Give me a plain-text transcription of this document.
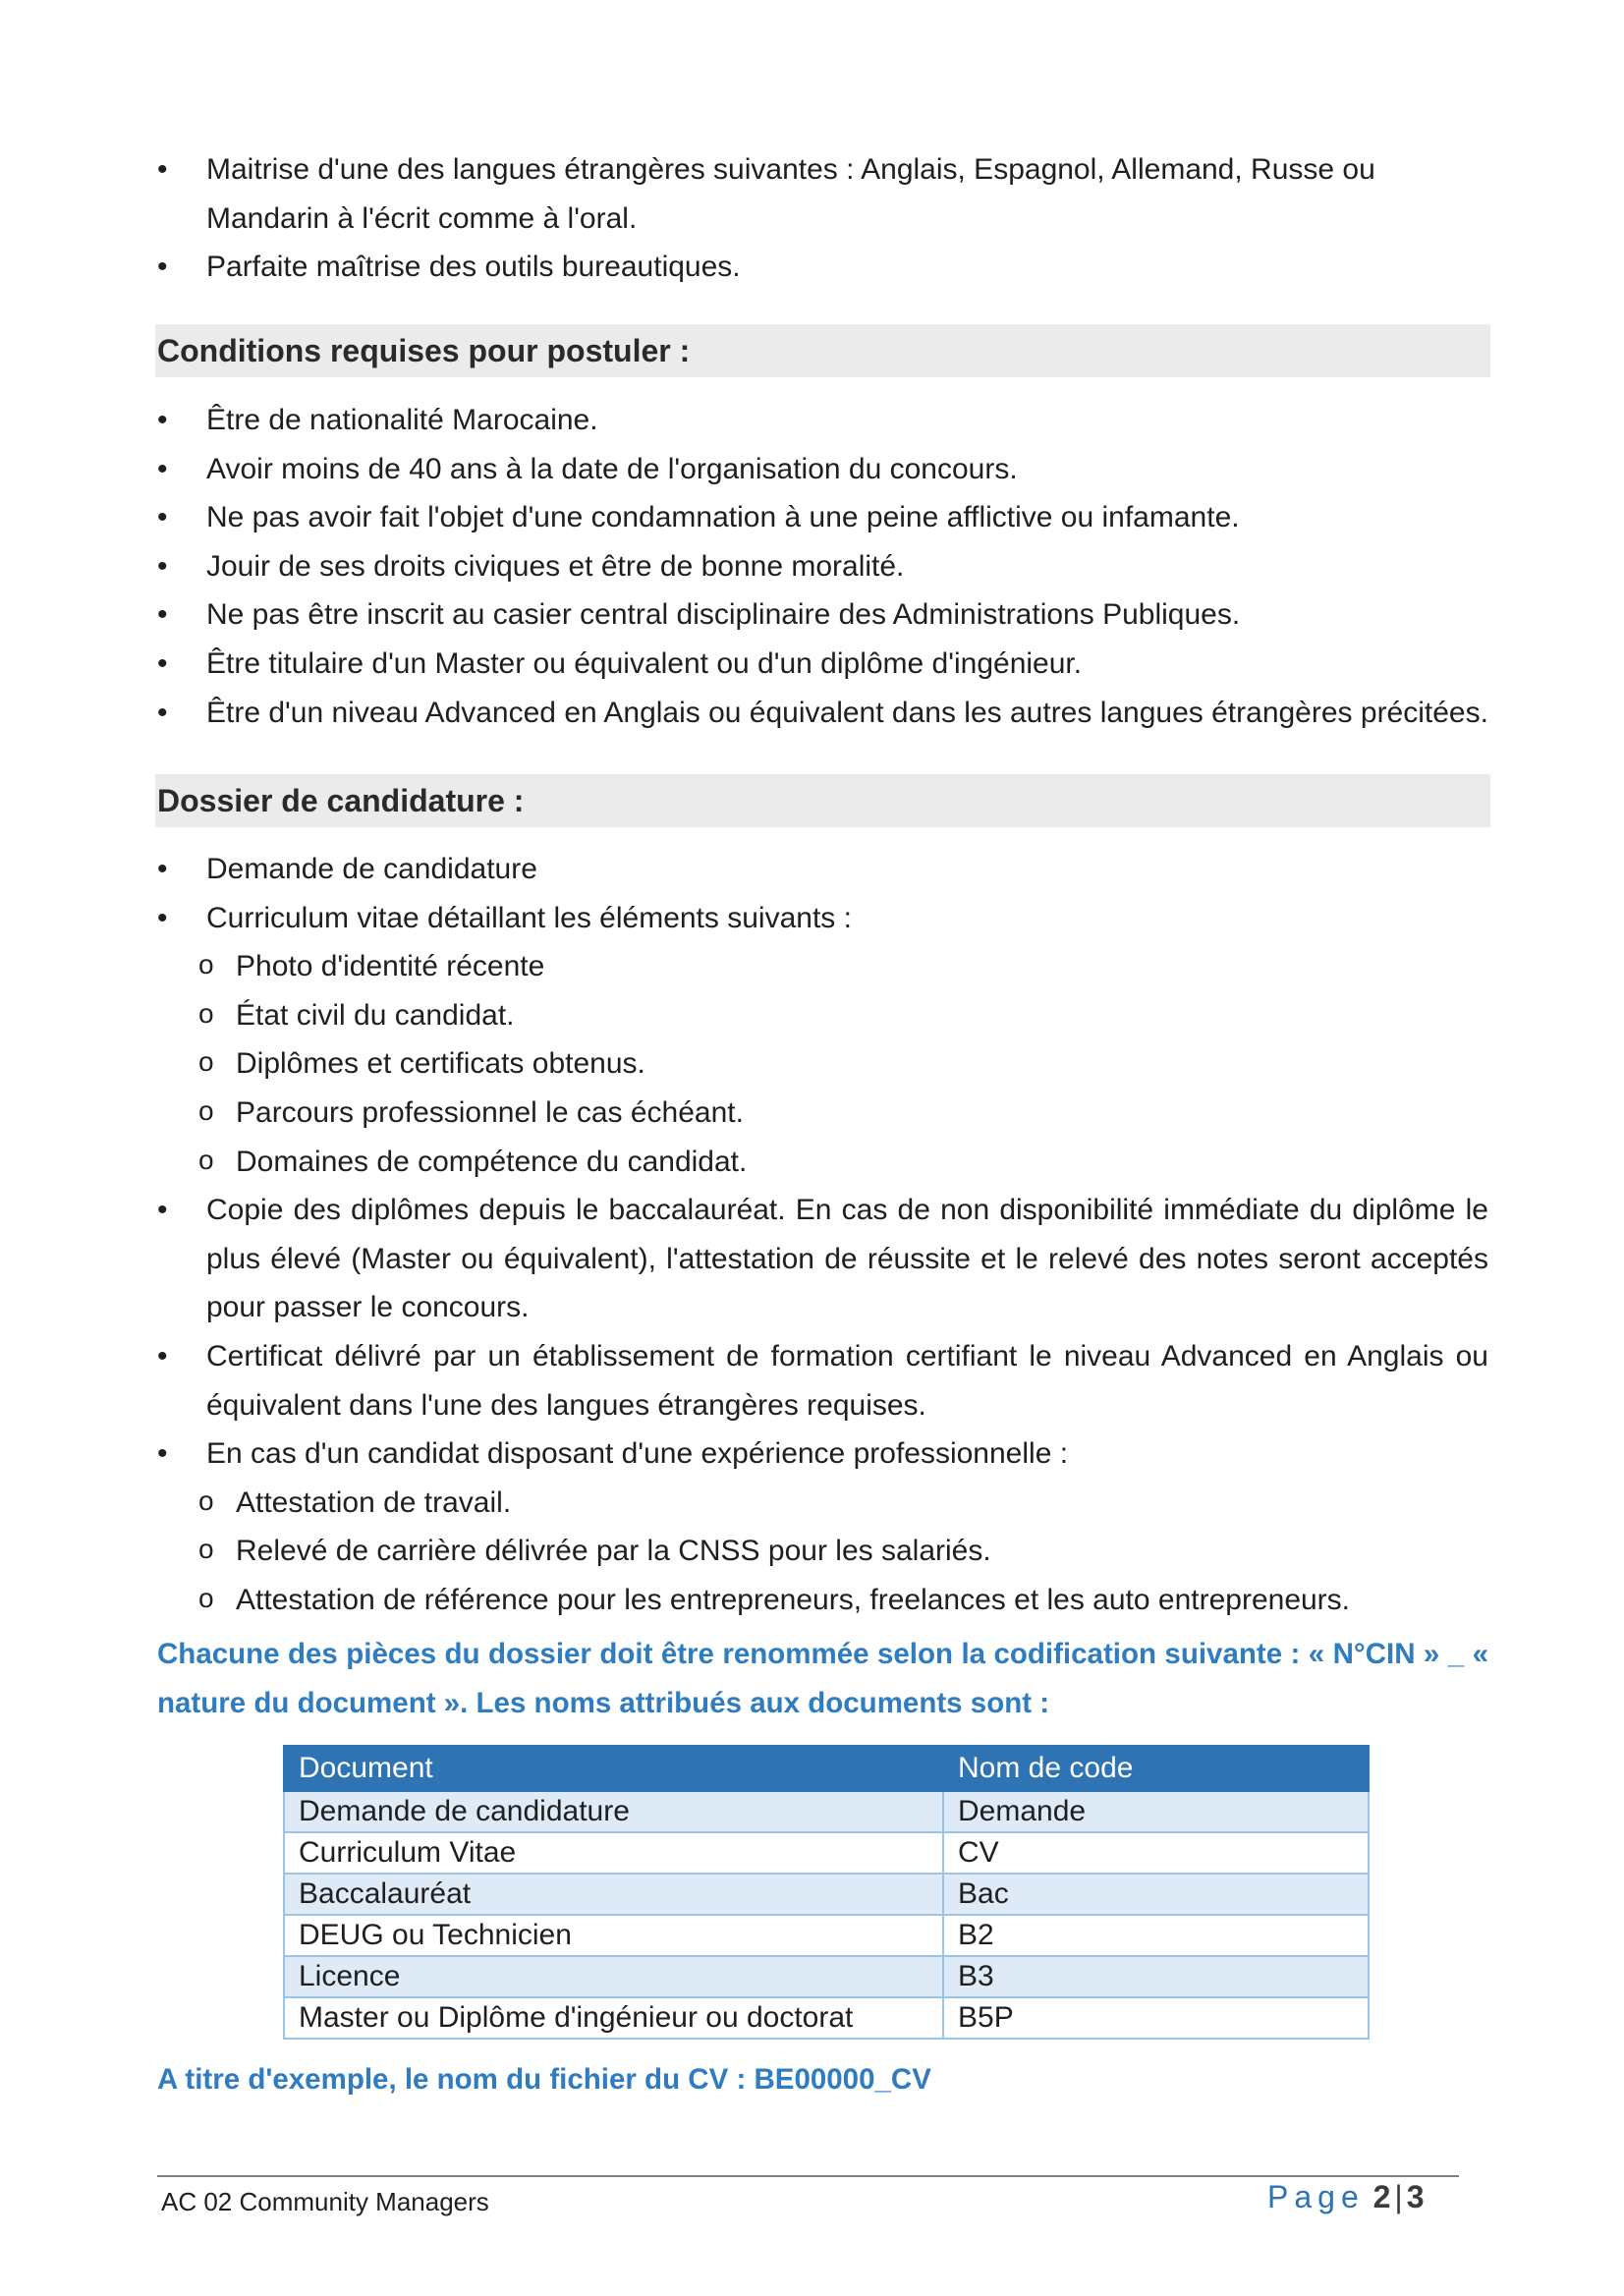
• Maitrise d'une des langues étrangères suivantes : Anglais, Espagnol, Allemand, Russe ou Mandarin à l'écrit comme à l'oral.
• Parfaite maîtrise des outils bureautiques.
Conditions requises pour postuler :
• Être de nationalité Marocaine.
• Avoir moins de 40 ans à la date de l'organisation du concours.
• Ne pas avoir fait l'objet d'une condamnation à une peine afflictive ou infamante.
• Jouir de ses droits civiques et être de bonne moralité.
• Ne pas être inscrit au casier central disciplinaire des Administrations Publiques.
• Être titulaire d'un Master ou équivalent ou d'un diplôme d'ingénieur.
• Être d'un niveau Advanced en Anglais ou équivalent dans les autres langues étrangères précitées.
Dossier de candidature :
• Demande de candidature
• Curriculum vitae détaillant les éléments suivants :
o Photo d'identité récente
o État civil du candidat.
o Diplômes et certificats obtenus.
o Parcours professionnel le cas échéant.
o Domaines de compétence du candidat.
• Copie des diplômes depuis le baccalauréat. En cas de non disponibilité immédiate du diplôme le plus élevé (Master ou équivalent), l'attestation de réussite et le relevé des notes seront acceptés pour passer le concours.
• Certificat délivré par un établissement de formation certifiant le niveau Advanced en Anglais ou équivalent dans l'une des langues étrangères requises.
• En cas d'un candidat disposant d'une expérience professionnelle :
o Attestation de travail.
o Relevé de carrière délivrée par la CNSS pour les salariés.
o Attestation de référence pour les entrepreneurs, freelances et les auto entrepreneurs.
Chacune des pièces du dossier doit être renommée selon la codification suivante : « N°CIN » _ « nature du document ». Les noms attribués aux documents sont :
Document	Nom de code
Demande de candidature	Demande
Curriculum Vitae	CV
Baccalauréat	Bac
DEUG ou Technicien	B2
Licence	B3
Master ou Diplôme d'ingénieur ou doctorat	B5P
A titre d'exemple, le nom du fichier du CV : BE00000_CV
AC 02 Community Managers	Page 2 | 3
